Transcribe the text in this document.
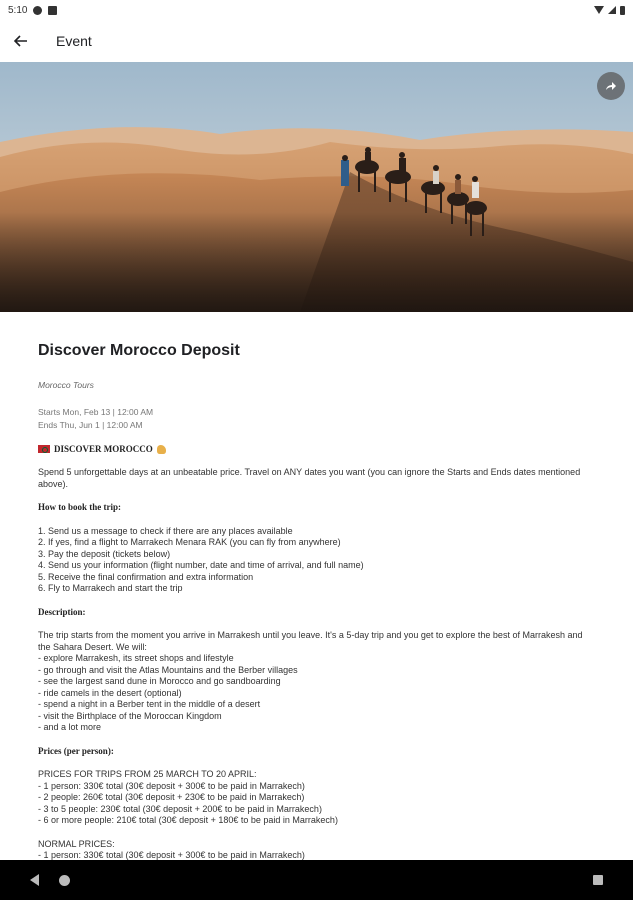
5:10
Event
Discover Morocco Deposit
Morocco Tours
Starts Mon, Feb 13 | 12:00 AM
Ends Thu, Jun 1 | 12:00 AM
DISCOVER MOROCCO
Spend 5 unforgettable days at an unbeatable price. Travel on ANY dates you want (you can ignore the Starts and Ends dates mentioned above).
How to book the trip:
1. Send us a message to check if there are any places available
2. If yes, find a flight to Marrakech Menara RAK (you can fly from anywhere)
3. Pay the deposit (tickets below)
4. Send us your information (flight number, date and time of arrival, and full name)
5. Receive the final confirmation and extra information
6. Fly to Marrakech and start the trip
Description:
The trip starts from the moment you arrive in Marrakesh until you leave. It's a 5-day trip and you get to explore the best of Marrakesh and the Sahara Desert. We will:
- explore Marrakesh, its street shops and lifestyle
- go through and visit the Atlas Mountains and the Berber villages
- see the largest sand dune in Morocco and go sandboarding
- ride camels in the desert (optional)
- spend a night in a Berber tent in the middle of a desert
- visit the Birthplace of the Moroccan Kingdom
- and a lot more
Prices (per person):
PRICES FOR TRIPS FROM 25 MARCH TO 20 APRIL:
- 1 person: 330€ total (30€ deposit + 300€ to be paid in Marrakech)
- 2 people: 260€ total (30€ deposit + 230€ to be paid in Marrakech)
- 3 to 5 people: 230€ total (30€ deposit + 200€ to be paid in Marrakech)
- 6 or more people: 210€ total (30€ deposit + 180€ to be paid in Marrakech)
NORMAL PRICES:
- 1 person: 330€ total (30€ deposit + 300€ to be paid in Marrakech)
